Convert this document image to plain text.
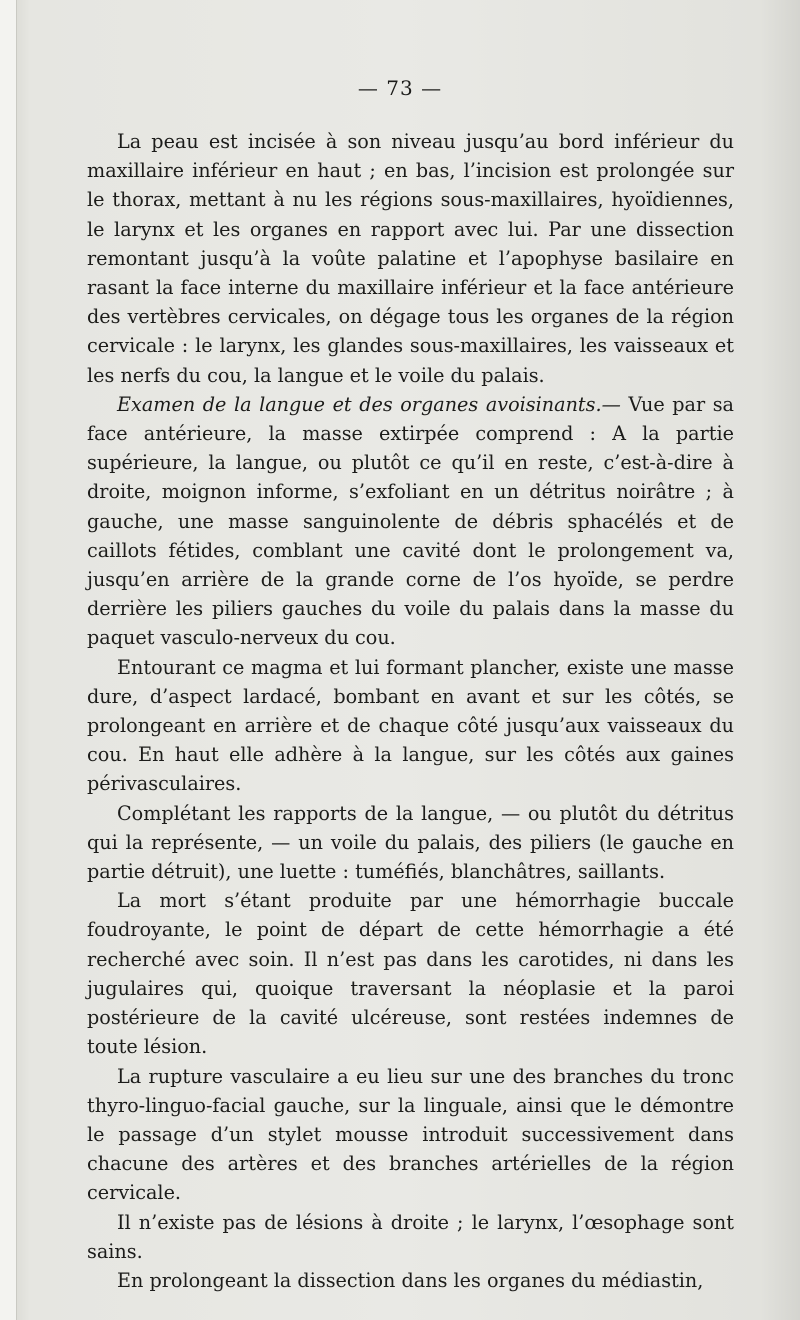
— 73 —

La peau est incisée à son niveau jusqu’au bord inférieur du maxillaire inférieur en haut ; en bas, l’incision est prolongée sur le thorax, mettant à nu les régions sous-maxillaires, hyoïdiennes, le larynx et les organes en rapport avec lui. Par une dissection remontant jusqu’à la voûte palatine et l’apophyse basilaire en rasant la face interne du maxillaire inférieur et la face antérieure des vertèbres cervicales, on dégage tous les organes de la région cervicale : le larynx, les glandes sous-maxillaires, les vaisseaux et les nerfs du cou, la langue et le voile du palais.

Examen de la langue et des organes avoisinants.— Vue par sa face antérieure, la masse extirpée comprend : A la partie supérieure, la langue, ou plutôt ce qu’il en reste, c’est-à-dire à droite, moignon informe, s’exfoliant en un détritus noirâtre ; à gauche, une masse sanguinolente de débris sphacélés et de caillots fétides, comblant une cavité dont le prolongement va, jusqu’en arrière de la grande corne de l’os hyoïde, se perdre derrière les piliers gauches du voile du palais dans la masse du paquet vasculo-nerveux du cou.

Entourant ce magma et lui formant plancher, existe une masse dure, d’aspect lardacé, bombant en avant et sur les côtés, se prolongeant en arrière et de chaque côté jusqu’aux vaisseaux du cou. En haut elle adhère à la langue, sur les côtés aux gaines périvasculaires.

Complétant les rapports de la langue, — ou plutôt du détritus qui la représente, — un voile du palais, des piliers (le gauche en partie détruit), une luette : tuméfiés, blanchâtres, saillants.

La mort s’étant produite par une hémorrhagie buccale foudroyante, le point de départ de cette hémorrhagie a été recherché avec soin. Il n’est pas dans les carotides, ni dans les jugulaires qui, quoique traversant la néoplasie et la paroi postérieure de la cavité ulcéreuse, sont restées indemnes de toute lésion.

La rupture vasculaire a eu lieu sur une des branches du tronc thyro-linguo-facial gauche, sur la linguale, ainsi que le démontre le passage d’un stylet mousse introduit successivement dans chacune des artères et des branches artérielles de la région cervicale.

Il n’existe pas de lésions à droite ; le larynx, l’œsophage sont sains.

En prolongeant la dissection dans les organes du médiastin,
